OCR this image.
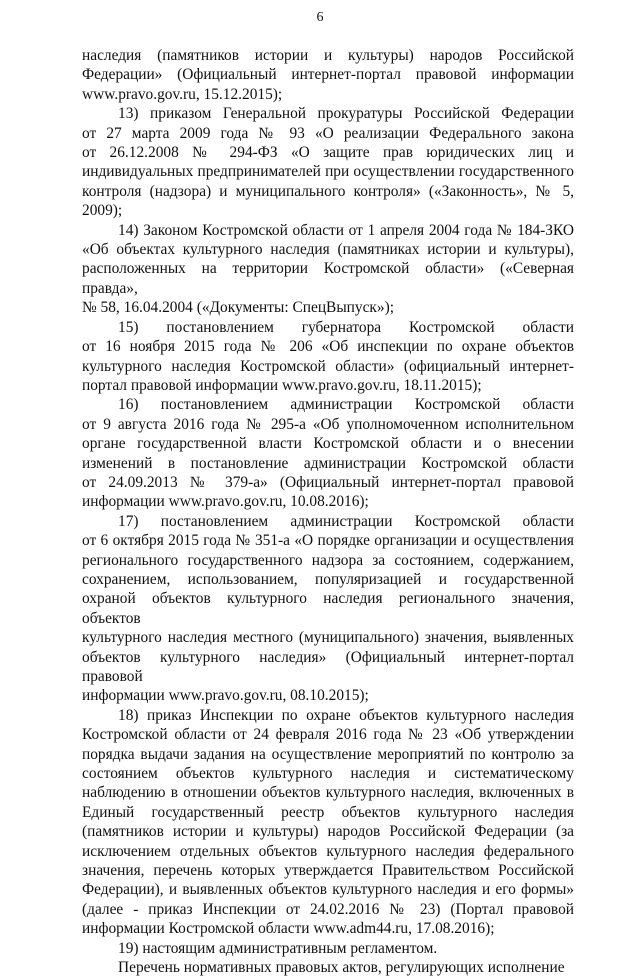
6
наследия (памятников истории и культуры) народов Российской
Федерации» (Официальный интернет-портал правовой информации
www.pravo.gov.ru, 15.12.2015);
13) приказом Генеральной прокуратуры Российской Федерации
от 27 марта 2009 года № 93 «О реализации Федерального закона
от 26.12.2008 № 294-ФЗ «О защите прав юридических лиц и
индивидуальных предпринимателей при осуществлении государственного
контроля (надзора) и муниципального контроля» («Законность», № 5,
2009);
14) Законом Костромской области от 1 апреля 2004 года № 184-ЗКО
«Об объектах культурного наследия (памятниках истории и культуры),
расположенных на территории Костромской области» («Северная правда»,
№ 58, 16.04.2004 («Документы: СпецВыпуск»);
15) постановлением губернатора Костромской области
от 16 ноября 2015 года № 206 «Об инспекции по охране объектов
культурного наследия Костромской области» (официальный интернет-
портал правовой информации www.pravo.gov.ru, 18.11.2015);
16) постановлением администрации Костромской области
от 9 августа 2016 года № 295-а «Об уполномоченном исполнительном
органе государственной власти Костромской области и о внесении
изменений в постановление администрации Костромской области
от 24.09.2013 № 379-а» (Официальный интернет-портал правовой
информации www.pravo.gov.ru, 10.08.2016);
17) постановлением администрации Костромской области
от 6 октября 2015 года № 351-а «О порядке организации и осуществления
регионального государственного надзора за состоянием, содержанием,
сохранением, использованием, популяризацией и государственной
охраной объектов культурного наследия регионального значения, объектов
культурного наследия местного (муниципального) значения, выявленных
объектов культурного наследия» (Официальный интернет-портал правовой
информации www.pravo.gov.ru, 08.10.2015);
18) приказ Инспекции по охране объектов культурного наследия
Костромской области от 24 февраля 2016 года № 23 «Об утверждении
порядка выдачи задания на осуществление мероприятий по контролю за
состоянием объектов культурного наследия и систематическому
наблюдению в отношении объектов культурного наследия, включенных в
Единый государственный реестр объектов культурного наследия
(памятников истории и культуры) народов Российской Федерации (за
исключением отдельных объектов культурного наследия федерального
значения, перечень которых утверждается Правительством Российской
Федерации), и выявленных объектов культурного наследия и его формы»
(далее - приказ Инспекции от 24.02.2016 № 23) (Портал правовой
информации Костромской области www.adm44.ru, 17.08.2016);
19) настоящим административным регламентом.
Перечень нормативных правовых актов, регулирующих исполнение
